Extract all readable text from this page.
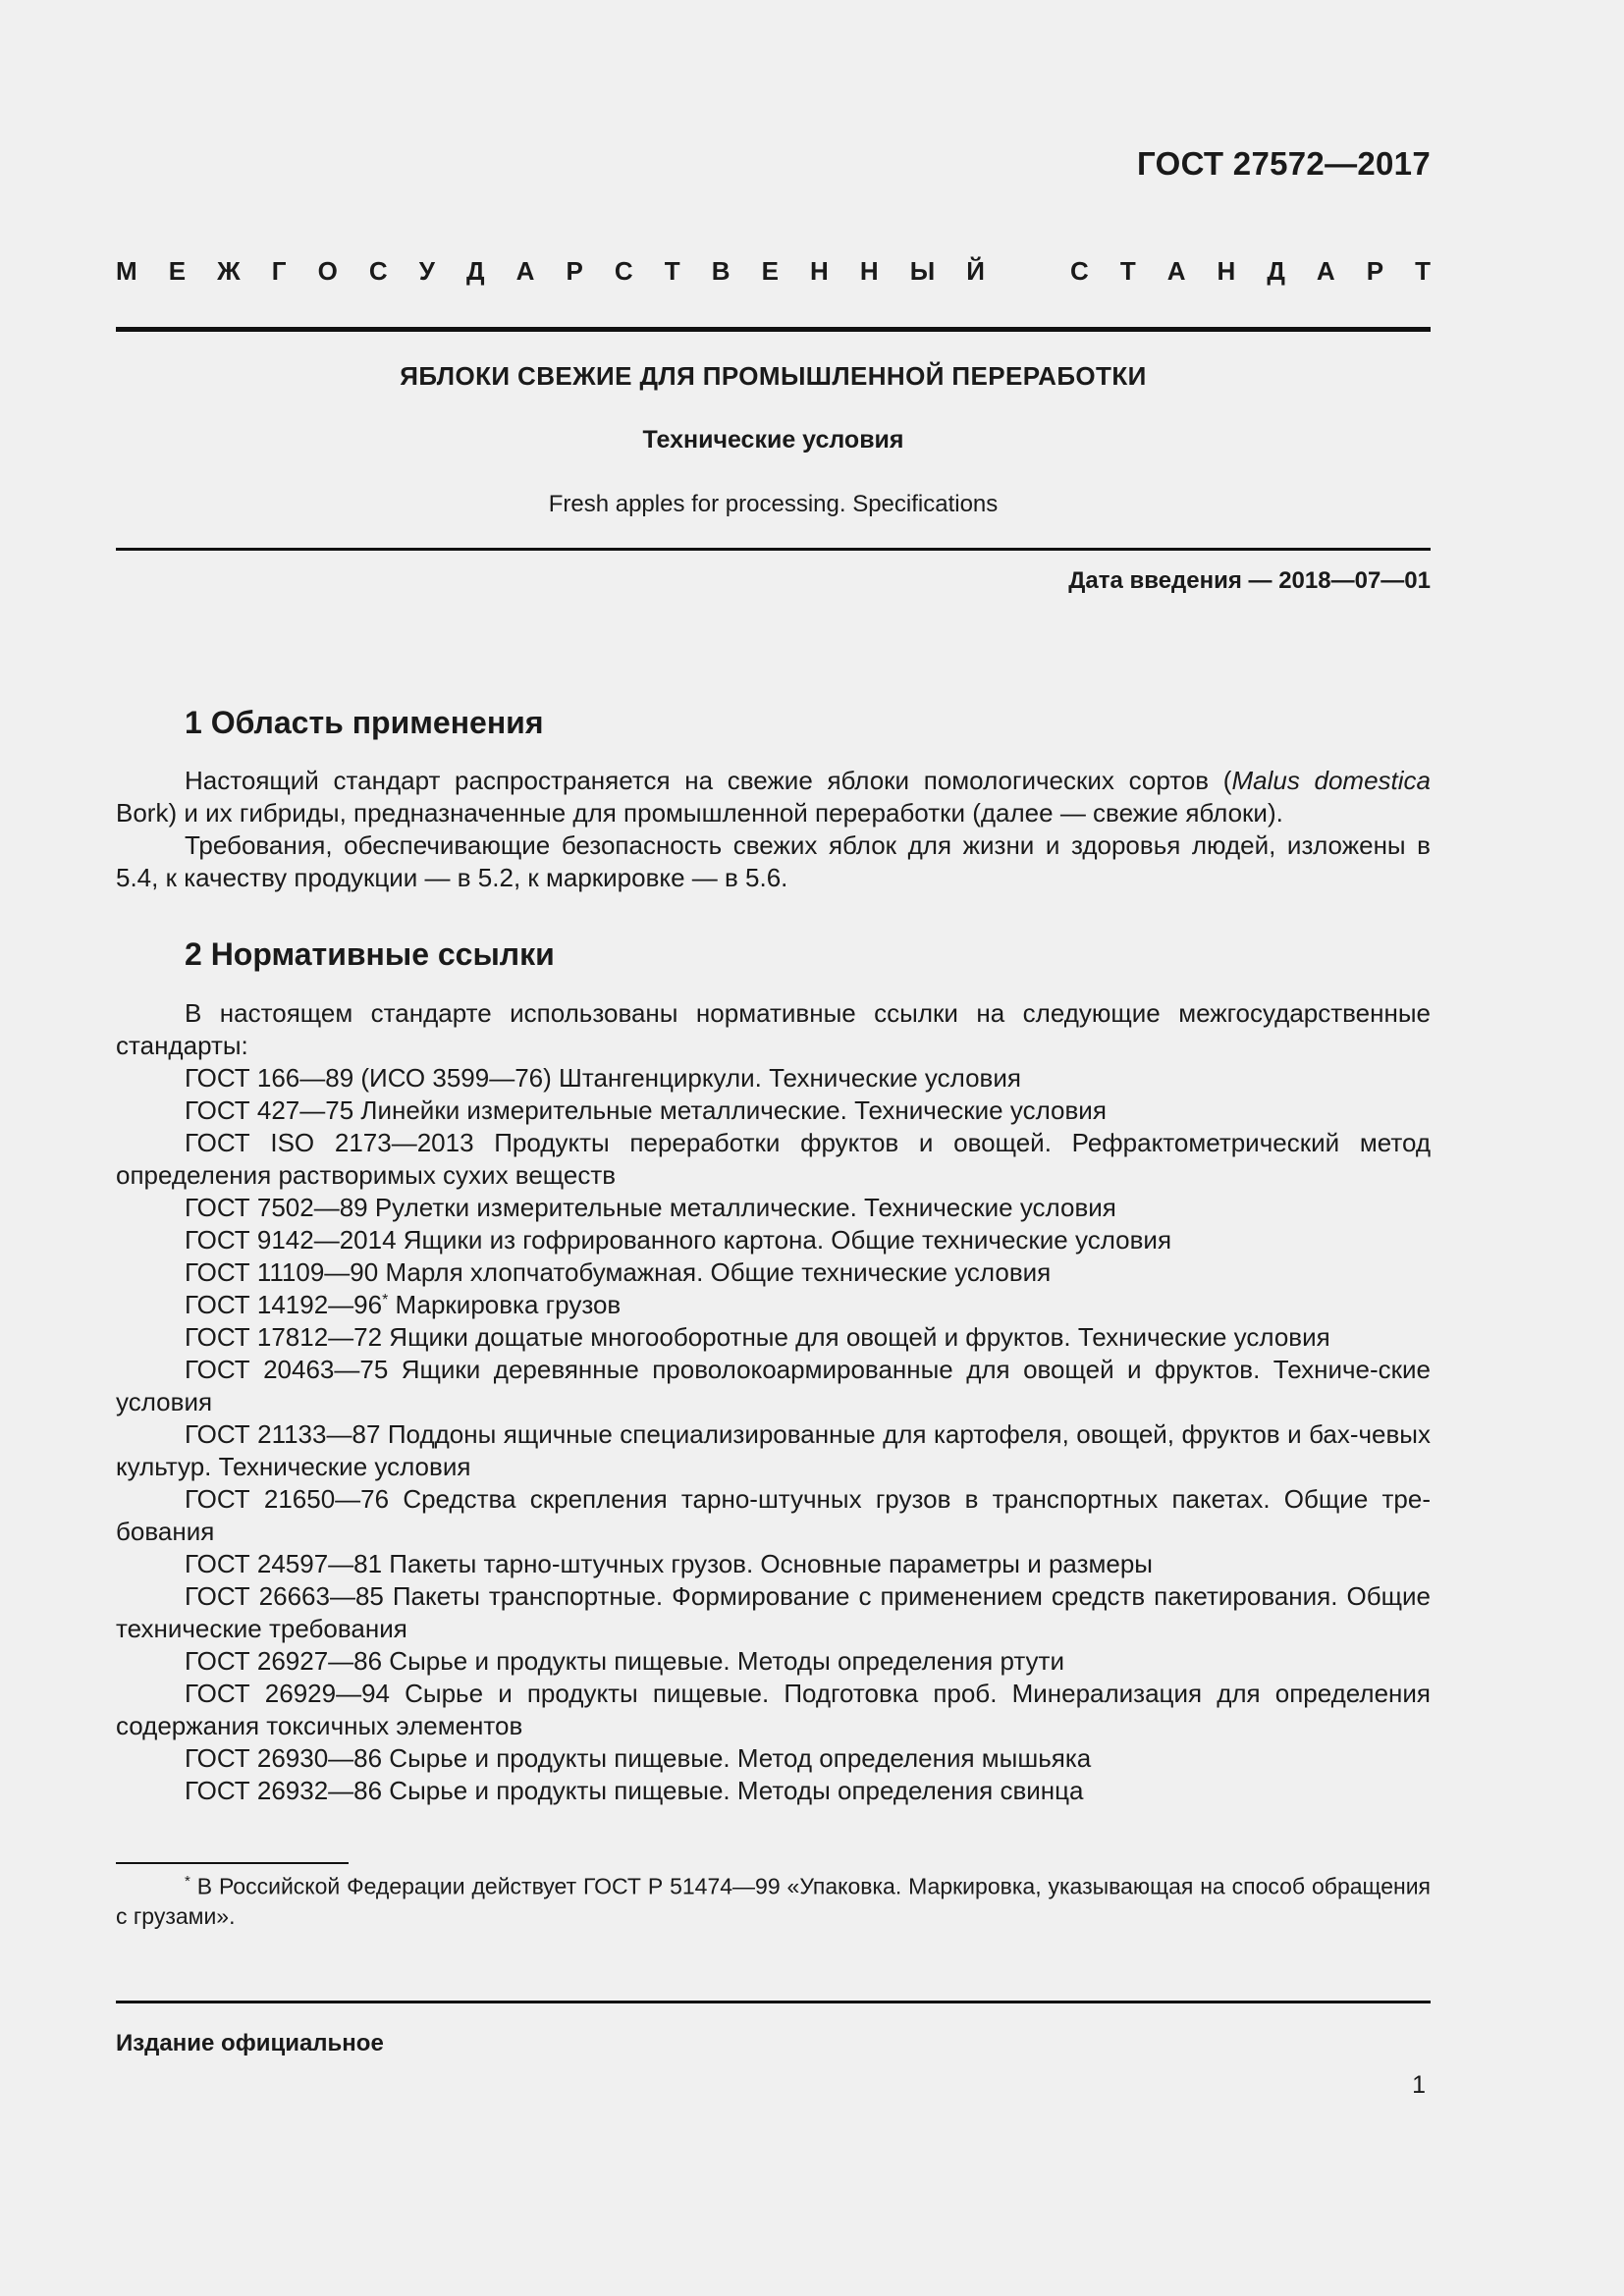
ГОСТ 27572—2017
М Е Ж Г О С У Д А Р С Т В Е Н Н Ы Й	С Т А Н Д А Р Т
ЯБЛОКИ СВЕЖИЕ ДЛЯ ПРОМЫШЛЕННОЙ ПЕРЕРАБОТКИ
Технические условия
Fresh apples for processing. Specifications
Дата введения — 2018—07—01
1 Область применения

Настоящий стандарт распространяется на свежие яблоки помологических сортов (Malus domestica Bork) и их гибриды, предназначенные для промышленной переработки (далее — свежие яблоки).

Требования, обеспечивающие безопасность свежих яблок для жизни и здоровья людей, изложены в 5.4, к качеству продукции — в 5.2, к маркировке — в 5.6.

2 Нормативные ссылки

В настоящем стандарте использованы нормативные ссылки на следующие межгосударственные стандарты:

ГОСТ 166—89 (ИСО 3599—76) Штангенциркули. Технические условия

ГОСТ 427—75 Линейки измерительные металлические. Технические условия

ГОСТ ISO 2173—2013 Продукты переработки фруктов и овощей. Рефрактометрический метод определения растворимых сухих веществ

ГОСТ 7502—89 Рулетки измерительные металлические. Технические условия

ГОСТ 9142—2014 Ящики из гофрированного картона. Общие технические условия

ГОСТ 11109—90 Марля хлопчатобумажная. Общие технические условия

ГОСТ 14192—96* Маркировка грузов

ГОСТ 17812—72 Ящики дощатые многооборотные для овощей и фруктов. Технические условия

ГОСТ 20463—75 Ящики деревянные проволокоармированные для овощей и фруктов. Техниче-ские условия

ГОСТ 21133—87 Поддоны ящичные специализированные для картофеля, овощей, фруктов и бах-чевых культур. Технические условия

ГОСТ 21650—76 Средства скрепления тарно-штучных грузов в транспортных пакетах. Общие тре-бования

ГОСТ 24597—81 Пакеты тарно-штучных грузов. Основные параметры и размеры

ГОСТ 26663—85 Пакеты транспортные. Формирование с применением средств пакетирования. Общие технические требования

ГОСТ 26927—86 Сырье и продукты пищевые. Методы определения ртути

ГОСТ 26929—94 Сырье и продукты пищевые. Подготовка проб. Минерализация для определения содержания токсичных элементов

ГОСТ 26930—86 Сырье и продукты пищевые. Метод определения мышьяка

ГОСТ 26932—86 Сырье и продукты пищевые. Методы определения свинца

* В Российской Федерации действует ГОСТ Р 51474—99 «Упаковка. Маркировка, указывающая на способ обращения с грузами».
Издание официальное
1
